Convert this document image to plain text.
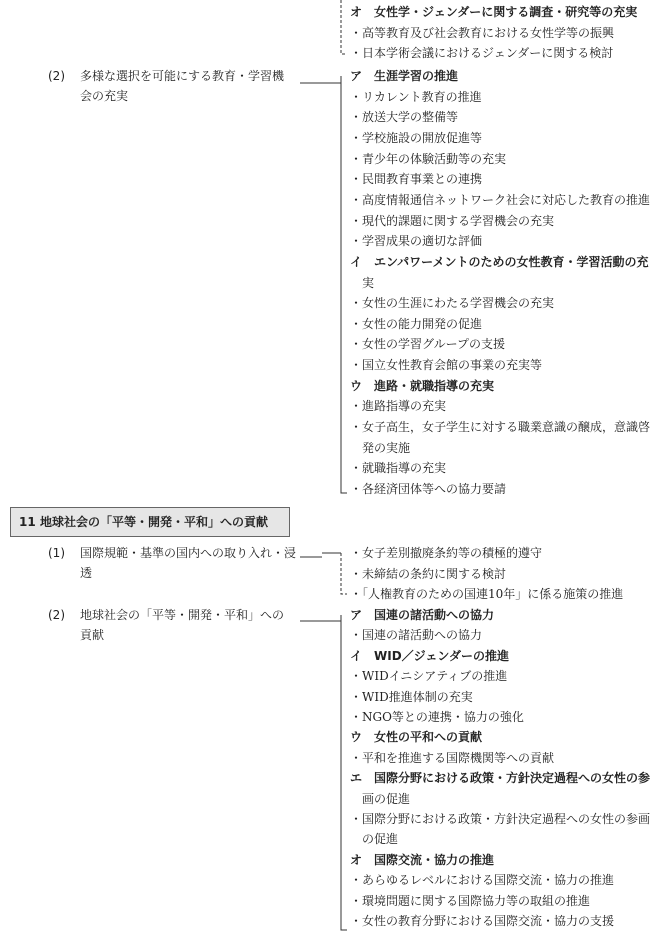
オ　女性学・ジェンダーに関する調査・研究等の充実
・高等教育及び社会教育における女性学等の振興
・日本学術会議におけるジェンダーに関する検討
(2) 多様な選択を可能にする教育・学習機
会の充実
ア　生涯学習の推進
・リカレント教育の推進
・放送大学の整備等
・学校施設の開放促進等
・青少年の体験活動等の充実
・民間教育事業との連携
・高度情報通信ネットワーク社会に対応した教育の推進
・現代的課題に関する学習機会の充実
・学習成果の適切な評価
イ　エンパワーメントのための女性教育・学習活動の充
　実
・女性の生涯にわたる学習機会の充実
・女性の能力開発の促進
・女性の学習グループの支援
・国立女性教育会館の事業の充実等
ウ　進路・就職指導の充実
・進路指導の充実
・女子高生，女子学生に対する職業意識の醸成，意識啓
　発の実施
・就職指導の充実
・各経済団体等への協力要請
11 地球社会の「平等・開発・平和」への貢献
(1) 国際規範・基準の国内への取り入れ・浸
透
・女子差別撤廃条約等の積極的遵守
・未締結の条約に関する検討
・「人権教育のための国連10年」に係る施策の推進
(2) 地球社会の「平等・開発・平和」への
貢献
ア　国連の諸活動への協力
・国連の諸活動への協力
イ　WID／ジェンダーの推進
・WIDイニシアティブの推進
・WID推進体制の充実
・NGO等との連携・協力の強化
ウ　女性の平和への貢献
・平和を推進する国際機関等への貢献
エ　国際分野における政策・方針決定過程への女性の参
　画の促進
・国際分野における政策・方針決定過程への女性の参画
　の促進
オ　国際交流・協力の推進
・あらゆるレベルにおける国際交流・協力の推進
・環境問題に関する国際協力等の取組の推進
・女性の教育分野における国際交流・協力の支援
